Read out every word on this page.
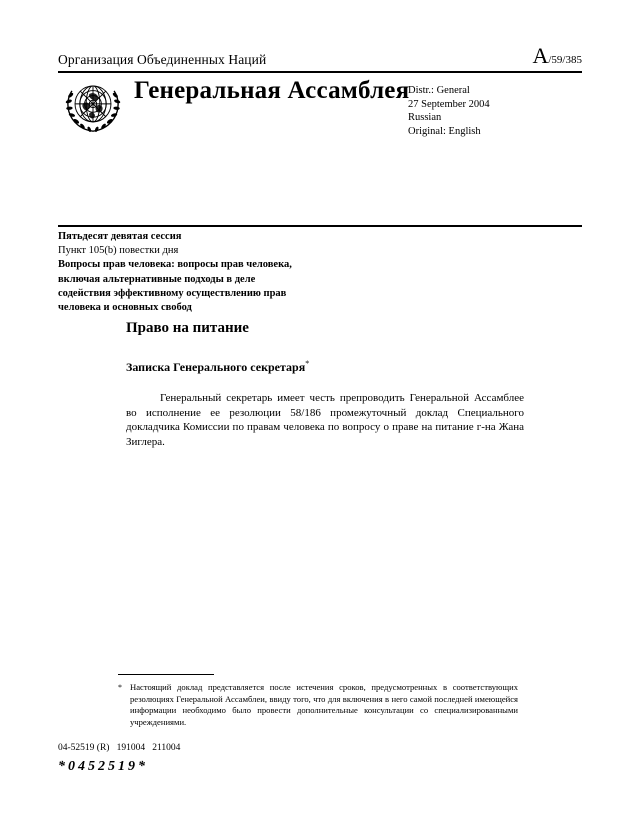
Организация Объединенных Наций	A/59/385
Генеральная Ассамблея
Distr.: General
27 September 2004
Russian
Original: English
Пятьдесят девятая сессия
Пункт 105(b) повестки дня
Вопросы прав человека: вопросы прав человека,
включая альтернативные подходы в деле
содействия эффективному осуществлению прав
человека и основных свобод
Право на питание
Записка Генерального секретаря*

Генеральный секретарь имеет честь препроводить Генеральной Ассамблее во исполнение ее резолюции 58/186 промежуточный доклад Специального докладчика Комиссии по правам человека по вопросу о праве на питание г-на Жана Зиглера.

* Настоящий доклад представляется после истечения сроков, предусмотренных в соответствующих резолюциях Генеральной Ассамблеи, ввиду того, что для включения в него самой последней имеющейся информации необходимо было провести дополнительные консультации со специализированными учреждениями.
04-52519 (R)   191004   211004
*0452519*
